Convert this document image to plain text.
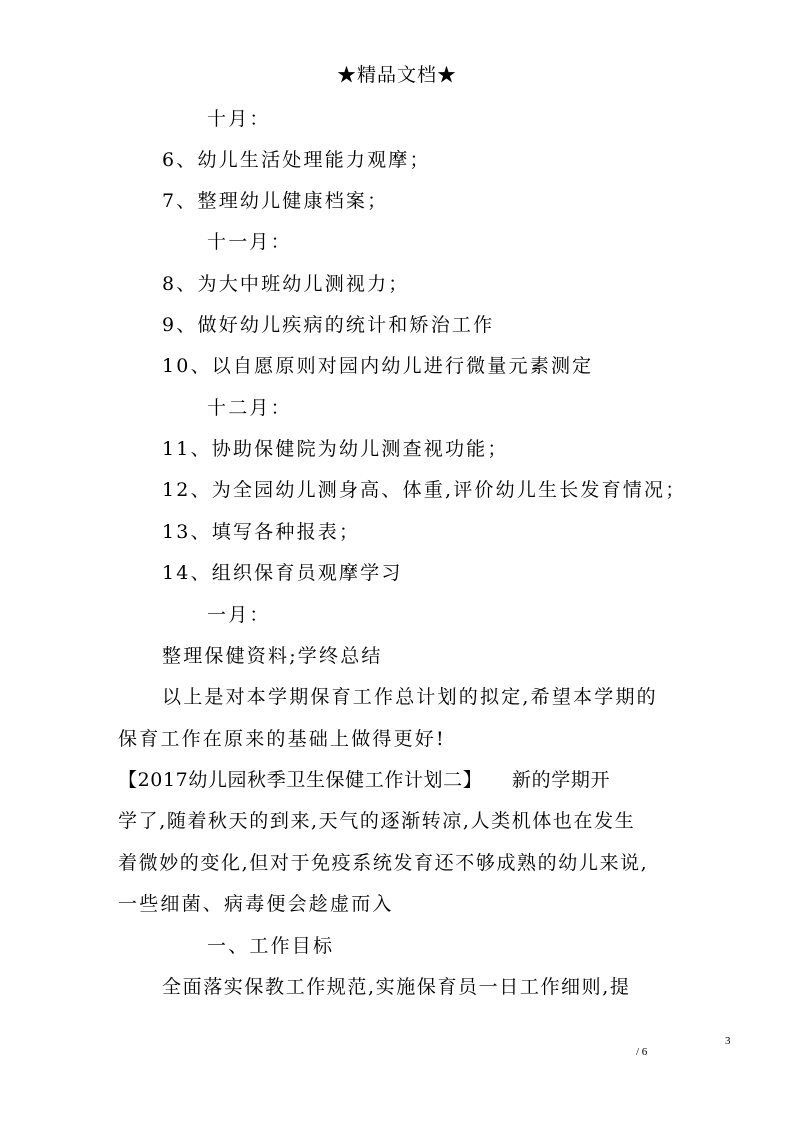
★精品文档★
十月：
6、幼儿生活处理能力观摩；
7、整理幼儿健康档案；
十一月：
8、为大中班幼儿测视力；
9、做好幼儿疾病的统计和矫治工作
10、以自愿原则对园内幼儿进行微量元素测定
十二月：
11、协助保健院为幼儿测查视功能；
12、为全园幼儿测身高、体重,评价幼儿生长发育情况；
13、填写各种报表；
14、组织保育员观摩学习
一月：
整理保健资料;学终总结
以上是对本学期保育工作总计划的拟定,希望本学期的
保育工作在原来的基础上做得更好!
【2017幼儿园秋季卫生保健工作计划二】　　新的学期开
学了,随着秋天的到来,天气的逐渐转凉,人类机体也在发生
着微妙的变化,但对于免疫系统发育还不够成熟的幼儿来说,
一些细菌、病毒便会趁虚而入
一、工作目标
全面落实保教工作规范,实施保育员一日工作细则,提
3
/ 6
